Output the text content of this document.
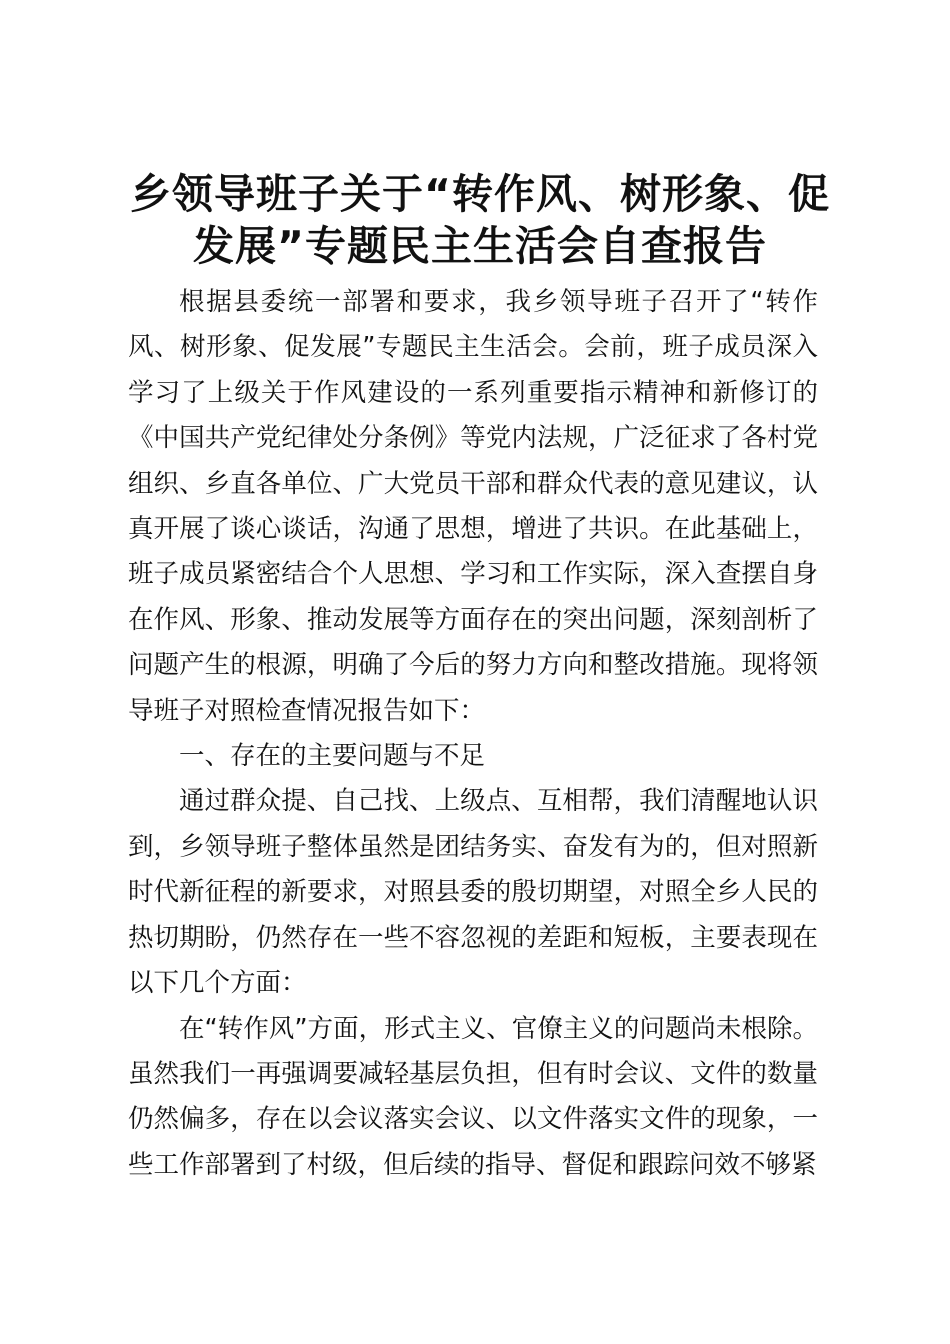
乡领导班子关于“转作风、树形象、促
发展”专题民主生活会自查报告

根据县委统一部署和要求，我乡领导班子召开了“转作风、树形象、促发展”专题民主生活会。会前，班子成员深入学习了上级关于作风建设的一系列重要指示精神和新修订的《中国共产党纪律处分条例》等党内法规，广泛征求了各村党组织、乡直各单位、广大党员干部和群众代表的意见建议，认真开展了谈心谈话，沟通了思想，增进了共识。在此基础上，班子成员紧密结合个人思想、学习和工作实际，深入查摆自身在作风、形象、推动发展等方面存在的突出问题，深刻剖析了问题产生的根源，明确了今后的努力方向和整改措施。现将领导班子对照检查情况报告如下：

一、存在的主要问题与不足

通过群众提、自己找、上级点、互相帮，我们清醒地认识到，乡领导班子整体虽然是团结务实、奋发有为的，但对照新时代新征程的新要求，对照县委的殷切期望，对照全乡人民的热切期盼，仍然存在一些不容忽视的差距和短板，主要表现在以下几个方面：

在“转作风”方面，形式主义、官僚主义的问题尚未根除。虽然我们一再强调要减轻基层负担，但有时会议、文件的数量仍然偏多，存在以会议落实会议、以文件落实文件的现象，一些工作部署到了村级，但后续的指导、督促和跟踪问效不够紧
